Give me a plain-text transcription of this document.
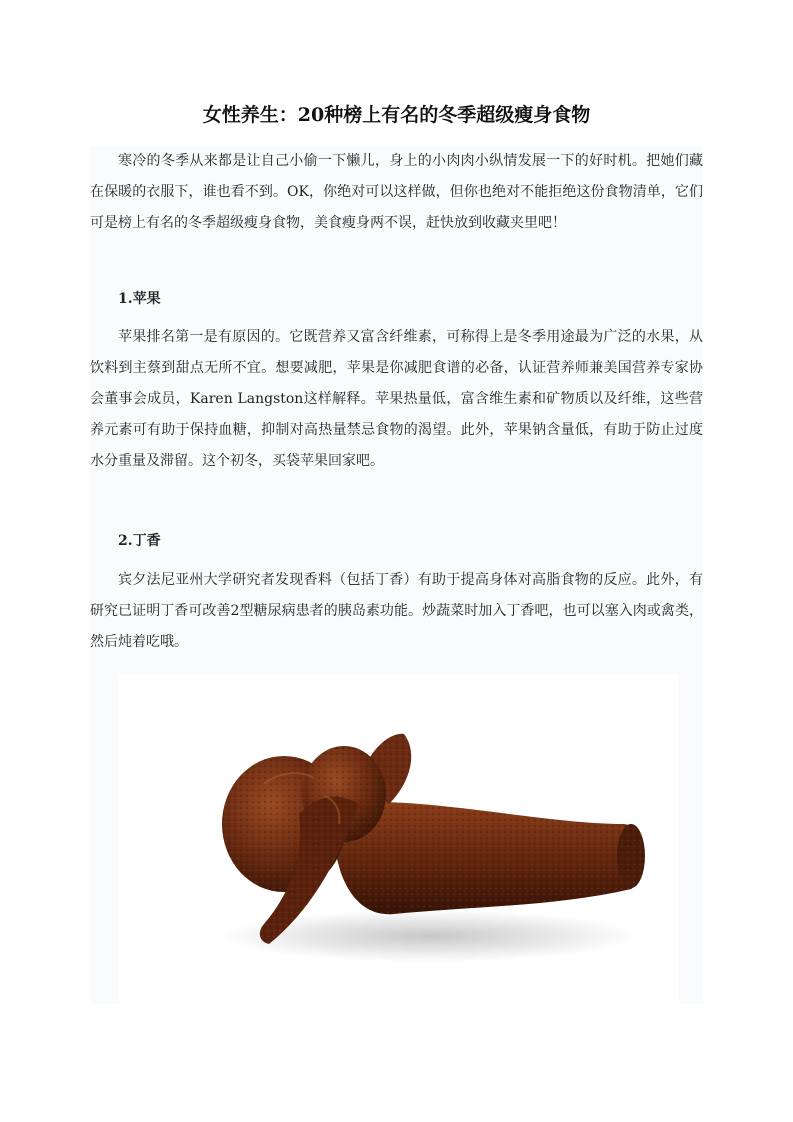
女性养生：20种榜上有名的冬季超级瘦身食物

寒冷的冬季从来都是让自己小偷一下懒儿，身上的小肉肉小纵情发展一下的好时机。把她们藏在保暖的衣服下，谁也看不到。OK，你绝对可以这样做，但你也绝对不能拒绝这份食物清单，它们可是榜上有名的冬季超级瘦身食物，美食瘦身两不误，赶快放到收藏夹里吧！

1.苹果

苹果排名第一是有原因的。它既营养又富含纤维素，可称得上是冬季用途最为广泛的水果，从饮料到主蔡到甜点无所不宜。想要减肥，苹果是你减肥食谱的必备，认证营养师兼美国营养专家协会董事会成员，Karen Langston这样解释。苹果热量低，富含维生素和矿物质以及纤维，这些营养元素可有助于保持血糖，抑制对高热量禁忌食物的渴望。此外，苹果钠含量低，有助于防止过度水分重量及滞留。这个初冬，买袋苹果回家吧。

2.丁香

宾夕法尼亚州大学研究者发现香料（包括丁香）有助于提高身体对高脂食物的反应。此外，有研究已证明丁香可改善2型糖尿病患者的胰岛素功能。炒蔬菜时加入丁香吧，也可以塞入肉或禽类，然后炖着吃哦。
